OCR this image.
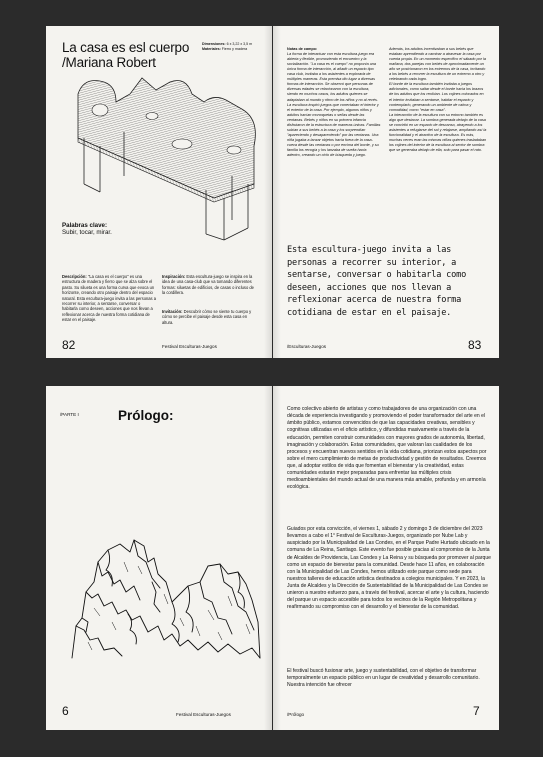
La casa es esl cuerpo /Mariana Robert
Dimensiones: 6 x 3,22 x 3,5 m
Materiales: Fierro y madera
Palabras clave:
Subir, tocar, mirar.
Descripción: "La casa es el cuerpo" es una estructura de madera y fierro que se alza sobre el pasto. Su silueta es una forma curva que evoca un horizonte, creando otro paisaje dentro del espacio natural. Esta escultura-juego invita a las personas a recorrer su interior, a sentarse, conversar o habitarla como deseen, acciones que nos llevan a reflexionar acerca de nuestra forma cotidiana de estar en el paisaje.
Inspiración: Esta escultura-juego se inspira en la idea de una casa-club que va tomando diferentes formas: siluetas de edificios, de casas o incluso de la cordillera.
Invitación: Descubrir cómo se siente tu cuerpo y cómo se percibe el paisaje desde esta casa en altura.
82	Festival Esculturas-Juegos

Notas de campo:
La forma de interactuar con esta escultura-juego era abierta y flexible, promoviendo el encuentro y la socialización. "La casa es el cuerpo" no proponía una única forma de interacción, al añadir un espacio tipo casa club, invitaba a los asistentes a explorarla de múltiples maneras. Esta premisa dio lugar a diversas formas de interacción. Se observó que personas de diversas edades se relacionaron con la escultura, siendo en muchos casos, los adultos quienes se adaptaban al mundo y ritmo de los niños y no al revés.
La escultura inspiró juegos que conectaban el interior y el exterior de la casa. Por ejemplo, algunos niños y adultos hacían monoquetas o señas desde las ventanas. Bebés y niños en su primera infancia disfrutaron de la estructura de maneras únicas. Familias subían a sus bebés a la casa y los sorprendían "apareciendo y desapareciendo" por las ventanas. Una niña jugaba a lanzar objetos hacia fuera de la casa-cueva desde las ventanas o por encima del borde, y su familia los recogía y los lanzaba de vuelta hacia adentro, creando un ciclo de búsqueda y juego.

Además, los adultos incentivaban a sus bebés que estaban aprendiendo a caminar a atravesar la casa por cuenta propia. En un momento específico el sábado por la mañana, dos parejas con bebés de aproximadamente un año se posicionaron en los extremos de la casa, incitando a los bebés a recorrer la escultura de un extremo a otro y celebrando cada logro.
El borde de la escultura también invitaba a juegos adicionales, como saltar desde el borde hacia los brazos de los adultos que los recibían. Los cojines colocados en el interior invitaban a sentarse, habitar el espacio y contemplarlo, generando un ambiente de calma y comodidad, como "estar en casa".
La interacción de la escultura con su entorno también es algo que destacar. La sombra generada debajo de la casa se convirtió en un espacio de descanso, atrayendo a los asistentes a refugiarse del sol y relajarse, ampliando así la funcionalidad y el atractivo de la escultura. Es más, muchas veces eran las mismas niñas quienes trasladaban los cojines del interior de la escultura al sector de sombra que se generaba debajo de ella, solo para pasar el rato.

Esta escultura-juego invita a las personas a recorrer su interior, a sentarse, conversar o habitarla como deseen, acciones que nos llevan a reflexionar acerca de nuestra forma cotidiana de estar en el paisaje.
/Esculturas-Juegos	83
/PARTE I	Prólogo:
6	Festival Esculturas-Juegos
Como colectivo abierto de artistas y como trabajadores de una organización con una década de experiencia investigando y promoviendo el poder transformador del arte en el ámbito público, estamos convencidos de que las capacidades creativas, sensibles y cognitivas utilizadas en el oficio artístico, y difundidas masivamente a través de la educación, permiten construir comunidades con mayores grados de autonomía, libertad, imaginación y colaboración. Estas comunidades, que valoran las cualidades de los procesos y encuentran nuevos sentidos en la vida cotidiana, priorizan estos aspectos por sobre el mero cumplimiento de metas de productividad y gestión de resultados. Creemos que, al adoptar estilos de vida que fomentan el bienestar y la creatividad, estas comunidades estarán mejor preparadas para enfrentar las múltiples crisis medioambientales del mundo actual de una manera más amable, profunda y en armonía ecológica.
Guiados por esta convicción, el viernes 1, sábado 2 y domingo 3 de diciembre del 2023 llevamos a cabo el 1° Festival de Esculturas-Juegos, organizado por Nube Lab y auspiciado por la Municipalidad de Las Condes, en el Parque Padre Hurtado ubicado en la comuna de La Reina, Santiago. Este evento fue posible gracias al compromiso de la Junta de Alcaldes de Providencia, Las Condes y La Reina y su búsqueda por promover al parque como un espacio de bienestar para la comunidad. Desde hace 11 años, en colaboración con la Municipalidad de Las Condes, hemos utilizado este parque como sede para nuestros talleres de educación artística destinados a colegios municipales. Y en 2023, la Junta de Alcaldes y la Dirección de Sustentabilidad de la Municipalidad de Las Condes se unieron a nuestro esfuerzo para, a través del festival, acercar el arte y la cultura, haciendo del parque un espacio accesible para todos los vecinos de la Región Metropolitana y reafirmando su compromiso con el desarrollo y el bienestar de la comunidad.
El festival buscó fusionar arte, juego y sustentabilidad, con el objetivo de transformar temporalmente un espacio público en un lugar de creatividad y desarrollo comunitario. Nuestra intención fue ofrecer
/Prólogo	7
